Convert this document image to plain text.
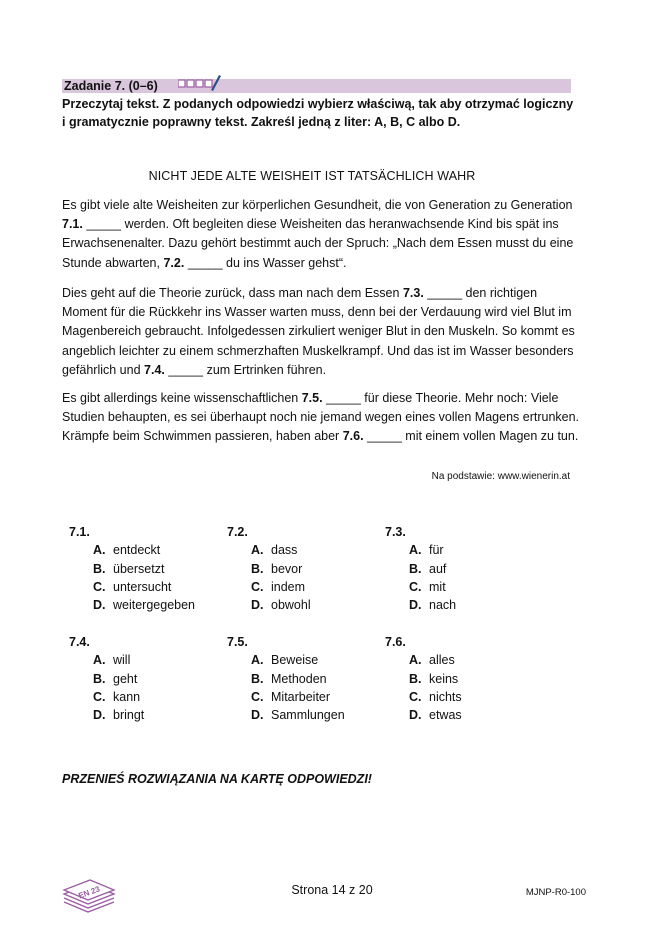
Zadanie 7. (0–6)
Przeczytaj tekst. Z podanych odpowiedzi wybierz właściwą, tak aby otrzymać logiczny
i gramatycznie poprawny tekst. Zakreśl jedną z liter: A, B, C albo D.
NICHT JEDE ALTE WEISHEIT IST TATSÄCHLICH WAHR

Es gibt viele alte Weisheiten zur körperlichen Gesundheit, die von Generation zu Generation
7.1. _____ werden. Oft begleiten diese Weisheiten das heranwachsende Kind bis spät ins Erwachsenenalter. Dazu gehört bestimmt auch der Spruch: „Nach dem Essen musst du eine Stunde abwarten, 7.2. _____ du ins Wasser gehst“.

Dies geht auf die Theorie zurück, dass man nach dem Essen 7.3. _____ den richtigen Moment für die Rückkehr ins Wasser warten muss, denn bei der Verdauung wird viel Blut im Magenbereich gebraucht. Infolgedessen zirkuliert weniger Blut in den Muskeln. So kommt es angeblich leichter zu einem schmerzhaften Muskelkrampf. Und das ist im Wasser besonders gefährlich und 7.4. _____ zum Ertrinken führen.

Es gibt allerdings keine wissenschaftlichen 7.5. _____ für diese Theorie. Mehr noch: Viele Studien behaupten, es sei überhaupt noch nie jemand wegen eines vollen Magens ertrunken. Krämpfe beim Schwimmen passieren, haben aber 7.6. _____ mit einem vollen Magen zu tun.

Na podstawie: www.wienerin.at
7.1.
A. entdeckt
B. übersetzt
C. untersucht
D. weitergegeben
7.2.
A. dass
B. bevor
C. indem
D. obwohl
7.3.
A. für
B. auf
C. mit
D. nach
7.4.
A. will
B. geht
C. kann
D. bringt
7.5.
A. Beweise
B. Methoden
C. Mitarbeiter
D. Sammlungen
7.6.
A. alles
B. keins
C. nichts
D. etwas
PRZENIEŚ ROZWIĄZANIA NA KARTĘ ODPOWIEDZI!
EN 23	Strona 14 z 20	MJNP-R0-100
